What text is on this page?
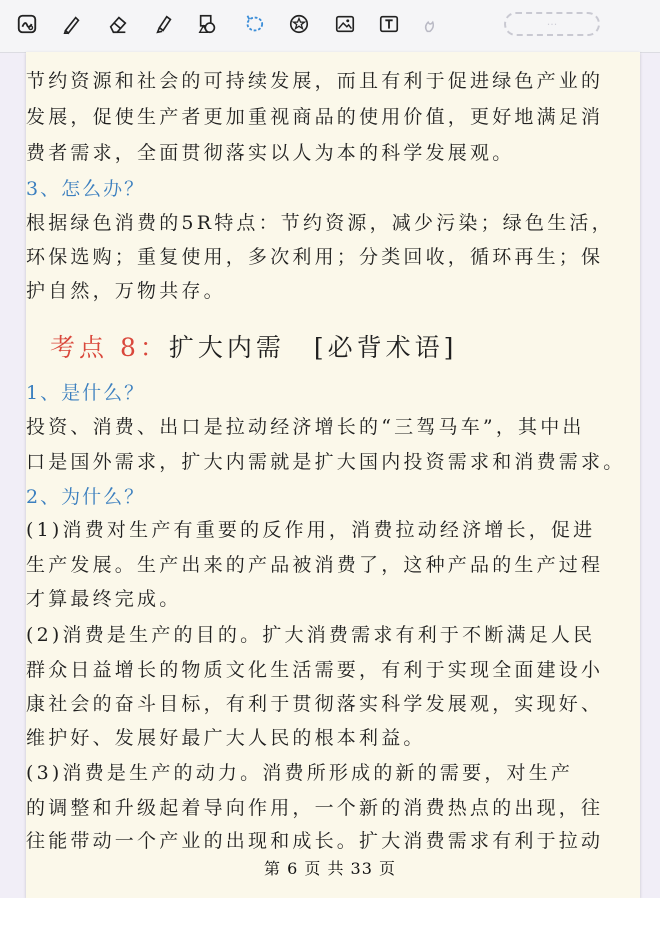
···
节约资源和社会的可持续发展，而且有利于促进绿色产业的
发展，促使生产者更加重视商品的使用价值，更好地满足消
费者需求，全面贯彻落实以人为本的科学发展观。
3、怎么办？
根据绿色消费的5R特点：节约资源，减少污染；绿色生活，
环保选购；重复使用，多次利用；分类回收，循环再生；保
护自然，万物共存。
考点 8：扩大内需　[必背术语]
1、是什么？
投资、消费、出口是拉动经济增长的“三驾马车”，其中出
口是国外需求，扩大内需就是扩大国内投资需求和消费需求。
2、为什么？
(1)消费对生产有重要的反作用，消费拉动经济增长，促进
生产发展。生产出来的产品被消费了，这种产品的生产过程
才算最终完成。
(2)消费是生产的目的。扩大消费需求有利于不断满足人民
群众日益增长的物质文化生活需要，有利于实现全面建设小
康社会的奋斗目标，有利于贯彻落实科学发展观，实现好、
维护好、发展好最广大人民的根本利益。
(3)消费是生产的动力。消费所形成的新的需要，对生产
的调整和升级起着导向作用，一个新的消费热点的出现，往
往能带动一个产业的出现和成长。扩大消费需求有利于拉动
第 6 页 共 33 页
